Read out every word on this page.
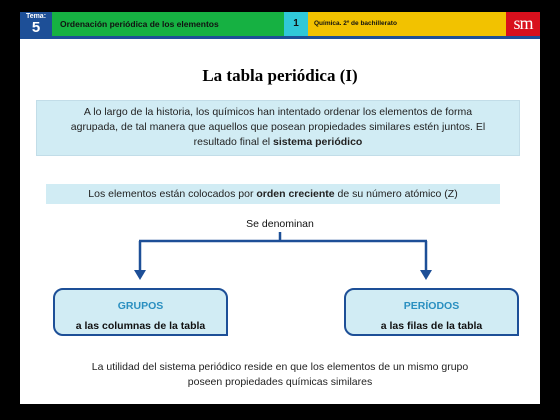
Tema:
5	Ordenación periódica de los elementos	1	Química. 2º de bachillerato	sm
La tabla periódica (I)
A lo largo de la historia, los químicos han intentado ordenar los elementos de forma
agrupada, de tal manera que aquellos que posean propiedades similares estén juntos. El
resultado final el sistema periódico
Los elementos están colocados por orden creciente de su número atómico (Z)
Se denominan
GRUPOS
a las columnas de la tabla
PERÍODOS
a las filas de la tabla
La utilidad del sistema periódico reside en que los elementos de un mismo grupo
poseen propiedades químicas similares
